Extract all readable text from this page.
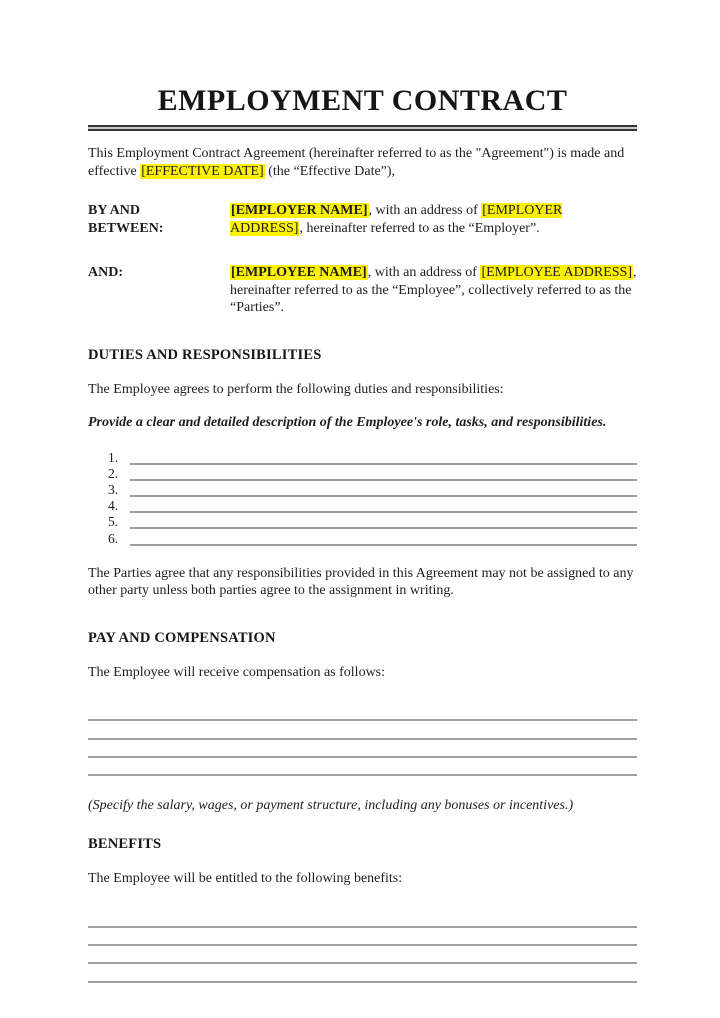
EMPLOYMENT CONTRACT

This Employment Contract Agreement (hereinafter referred to as the "Agreement") is made and effective [EFFECTIVE DATE] (the “Effective Date”),

BY AND BETWEEN:

[EMPLOYER NAME], with an address of [EMPLOYER ADDRESS], hereinafter referred to as the “Employer”.

AND:	[EMPLOYEE NAME], with an address of [EMPLOYEE ADDRESS], hereinafter referred to as the “Employee”, collectively referred to as the “Parties”.

DUTIES AND RESPONSIBILITIES

The Employee agrees to perform the following duties and responsibilities:

Provide a clear and detailed description of the Employee's role, tasks, and responsibilities.

1.
2.
3.
4.
5.
6.

The Parties agree that any responsibilities provided in this Agreement may not be assigned to any other party unless both parties agree to the assignment in writing.

PAY AND COMPENSATION

The Employee will receive compensation as follows:

(Specify the salary, wages, or payment structure, including any bonuses or incentives.)

BENEFITS

The Employee will be entitled to the following benefits:
